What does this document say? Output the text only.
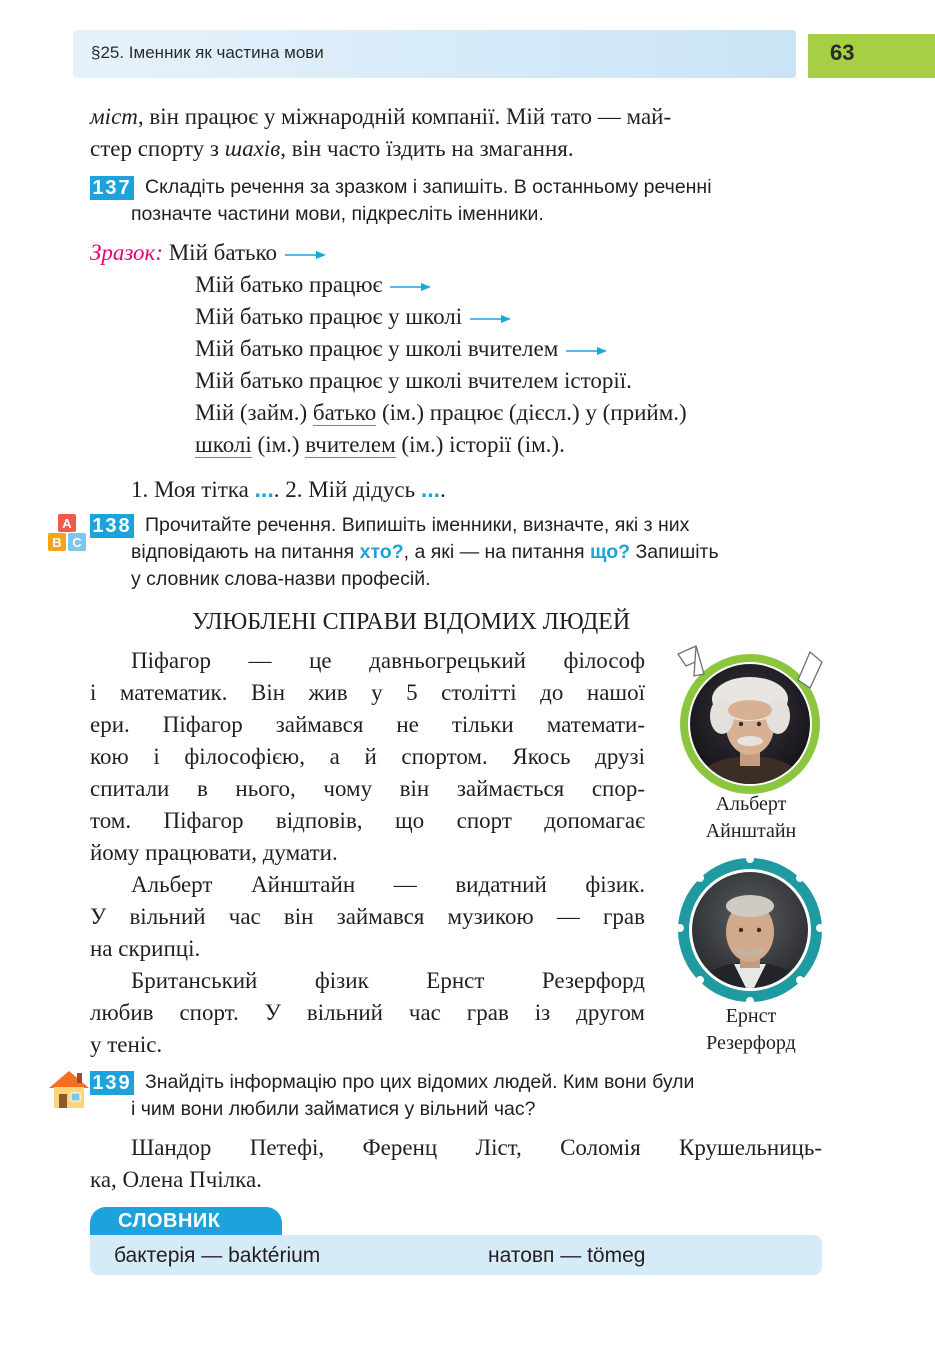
§25. Іменник як частина мови	63
міст, він працює у міжнародній компанії. Мій тато — май-
стер спорту з шахів, він часто їздить на змагання.
137 Складіть речення за зразком і запишіть. В останньому реченні
позначте частини мови, підкресліть іменники.
Зразок: Мій батько
Мій батько працює
Мій батько працює у школі
Мій батько працює у школі вчителем
Мій батько працює у школі вчителем історії.
Мій (займ.) батько (ім.) працює (дієсл.) у (прийм.)
школі (ім.) вчителем (ім.) історії (ім.).
1. Моя тітка .... 2. Мій дідусь ....
A
B C
138 Прочитайте речення. Випишіть іменники, визначте, які з них
відповідають на питання хто?, а які — на питання що? Запишіть
у словник слова-назви професій.
УЛЮБЛЕНІ СПРАВИ ВІДОМИХ ЛЮДЕЙ
Піфагор — це давньогрецький філософ
і математик. Він жив у 5 столітті до нашої
ери. Піфагор займався не тільки математи-
кою і філософією, а й спортом. Якось друзі
спитали в нього, чому він займається спор-
том. Піфагор відповів, що спорт допомагає
йому працювати, думати.
Альберт Айнштайн — видатний фізик.
У вільний час він займався музикою — грав
на скрипці.
Британський фізик Ернст Резерфорд
любив спорт. У вільний час грав із другом
у теніс.
Альберт
Айнштайн
Ернст
Резерфорд
139 Знайдіть інформацію про цих відомих людей. Ким вони були
і чим вони любили займатися у вільний час?
Шандор Петефі, Ференц Ліст, Соломія Крушельниць-
ка, Олена Пчілка.
СЛОВНИК
бактерія — baktérium	натовп — tömeg
